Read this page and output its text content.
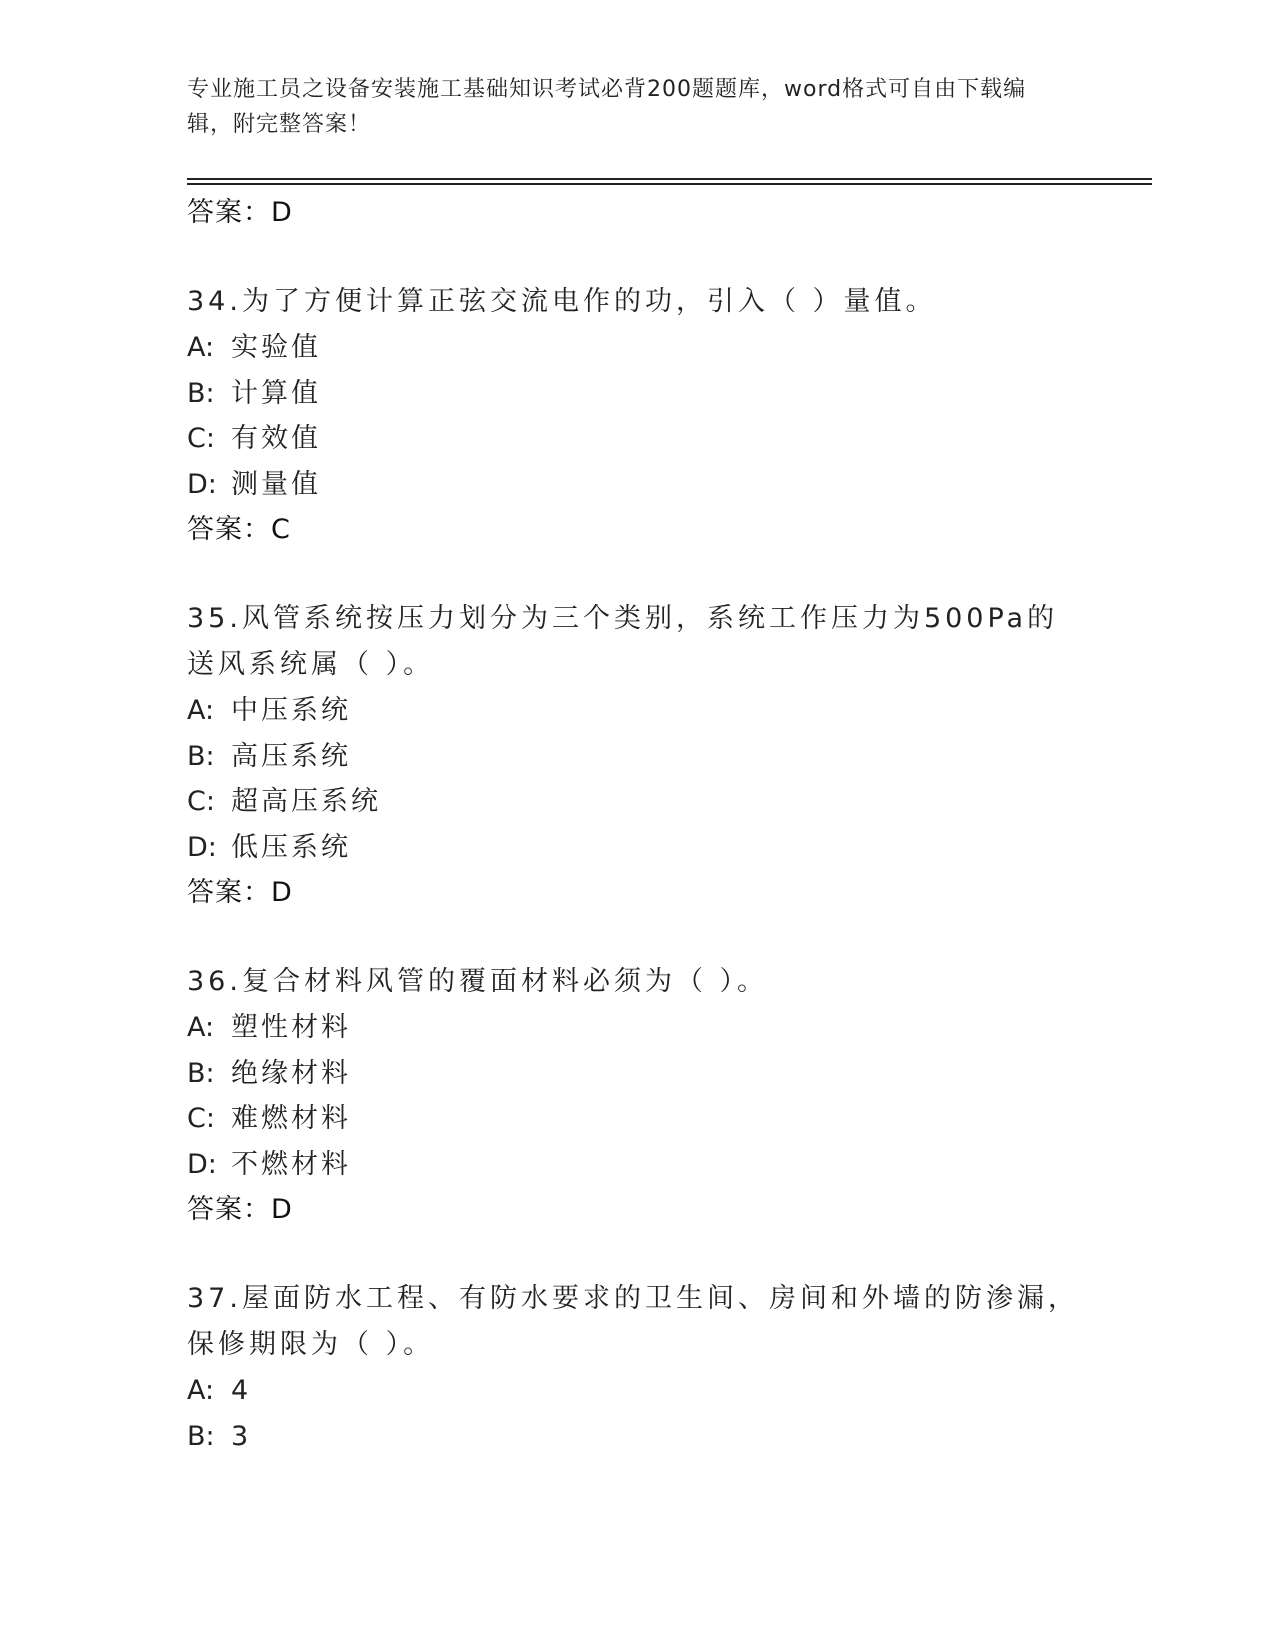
专业施工员之设备安装施工基础知识考试必背200题题库，word格式可自由下载编辑，附完整答案！
答案：D
34.为了方便计算正弦交流电作的功，引入（ ）量值。
A: 实验值
B: 计算值
C: 有效值
D: 测量值
答案：C
35.风管系统按压力划分为三个类别，系统工作压力为500Pa的送风系统属（ ）。
A: 中压系统
B: 高压系统
C: 超高压系统
D: 低压系统
答案：D
36.复合材料风管的覆面材料必须为（ ）。
A: 塑性材料
B: 绝缘材料
C: 难燃材料
D: 不燃材料
答案：D
37.屋面防水工程、有防水要求的卫生间、房间和外墙的防渗漏，保修期限为（ ）。
A: 4
B: 3
